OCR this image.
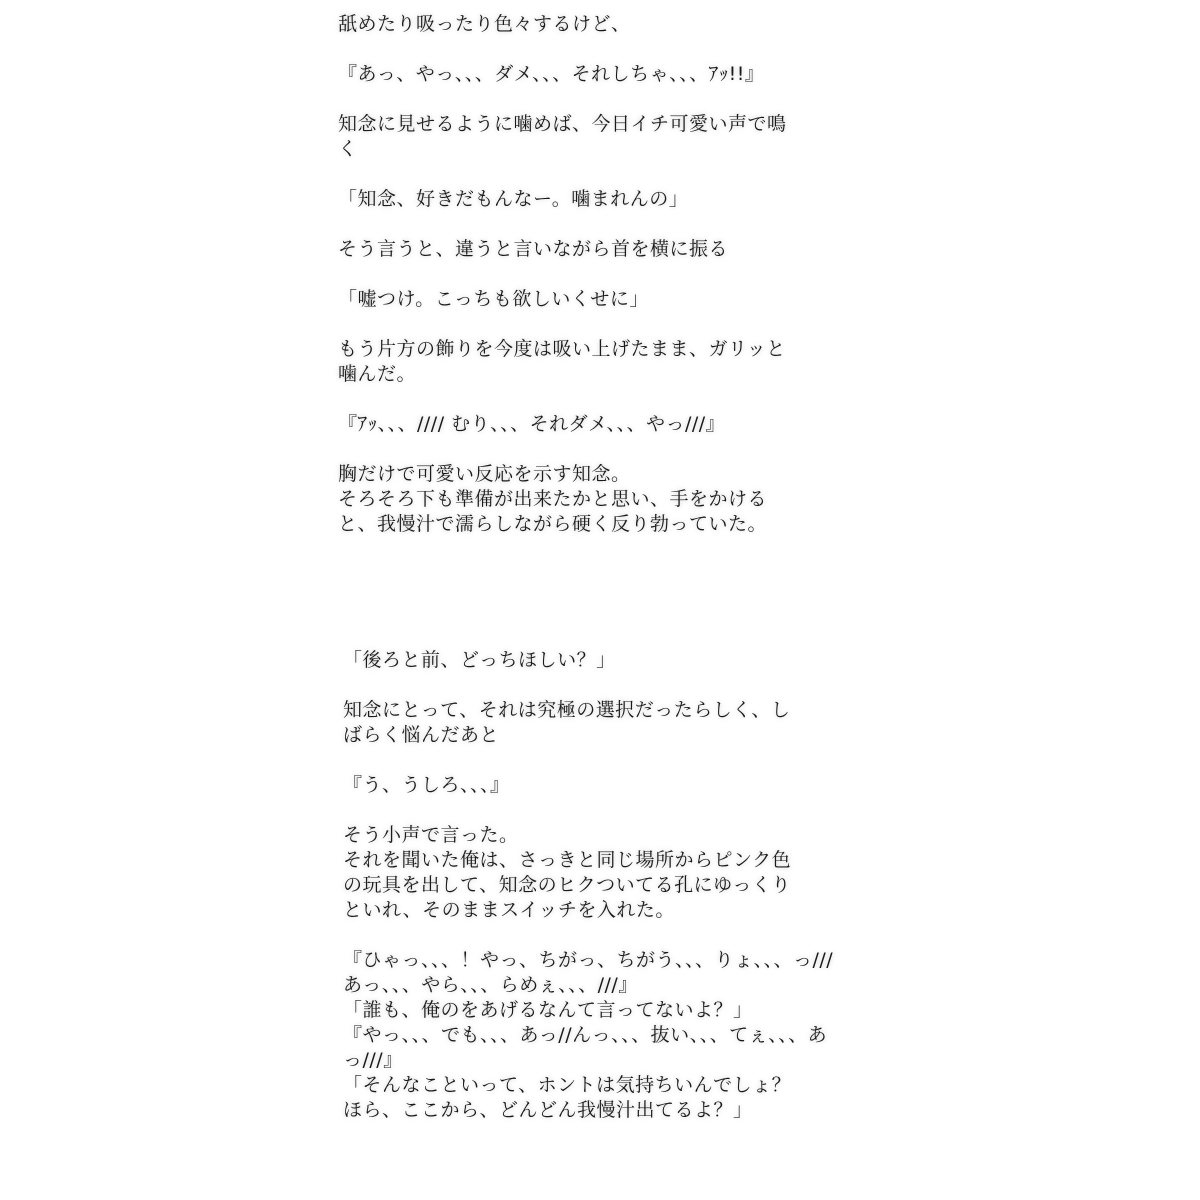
舐めたり吸ったり色々するけど、
『あっ、やっ、、、ダメ、、、それしちゃ、、、ｱｯ!!』
知念に見せるように噛めば、今日イチ可愛い声で鳴
く
「知念、好きだもんなー。噛まれんの」
そう言うと、違うと言いながら首を横に振る
「嘘つけ。こっちも欲しいくせに」
もう片方の飾りを今度は吸い上げたまま、ガリッと
噛んだ。
『ｱｯ、、、//// むり、、、それダメ、、、やっ///』
胸だけで可愛い反応を示す知念。
そろそろ下も準備が出来たかと思い、手をかける
と、我慢汁で濡らしながら硬く反り勃っていた。
「後ろと前、どっちほしい？」
知念にとって、それは究極の選択だったらしく、し
ばらく悩んだあと
『う、うしろ、、、』
そう小声で言った。
それを聞いた俺は、さっきと同じ場所からピンク色
の玩具を出して、知念のヒクついてる孔にゆっくり
といれ、そのままスイッチを入れた。
『ひゃっ、、、！やっ、ちがっ、ちがう、、、りょ、、、っ///
あっ、、、やら、、、らめぇ、、、///』
「誰も、俺のをあげるなんて言ってないよ？」
『やっ、、、でも、、、あっ//んっ、、、抜い、、、てぇ、、、あ
っ///』
「そんなこといって、ホントは気持ちいんでしょ？
ほら、ここから、どんどん我慢汁出てるよ？」
